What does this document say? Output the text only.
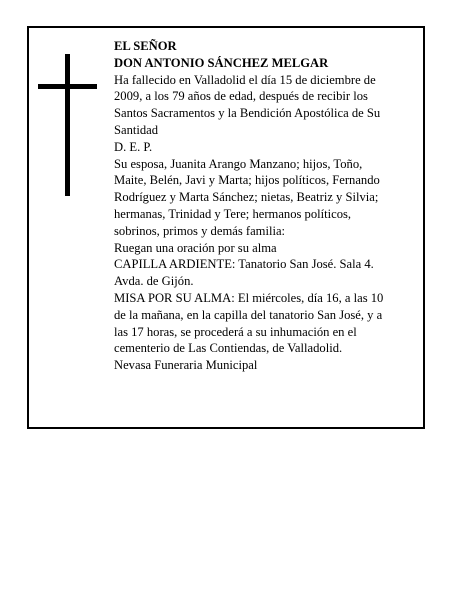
EL SEÑOR
DON ANTONIO SÁNCHEZ MELGAR
Ha fallecido en Valladolid el día 15 de diciembre de
2009, a los 79 años de edad, después de recibir los
Santos Sacramentos y la Bendición Apostólica de Su
Santidad
D. E. P.
Su esposa, Juanita Arango Manzano; hijos, Toño,
Maite, Belén, Javi y Marta; hijos políticos, Fernando
Rodríguez y Marta Sánchez; nietas, Beatriz y Silvia;
hermanas, Trinidad y Tere; hermanos políticos,
sobrinos, primos y demás familia:
Ruegan una oración por su alma
CAPILLA ARDIENTE: Tanatorio San José. Sala 4.
Avda. de Gijón.
MISA POR SU ALMA: El miércoles, día 16, a las 10
de la mañana, en la capilla del tanatorio San José, y a
las 17 horas, se procederá a su inhumación en el
cementerio de Las Contiendas, de Valladolid.
Nevasa Funeraria Municipal
